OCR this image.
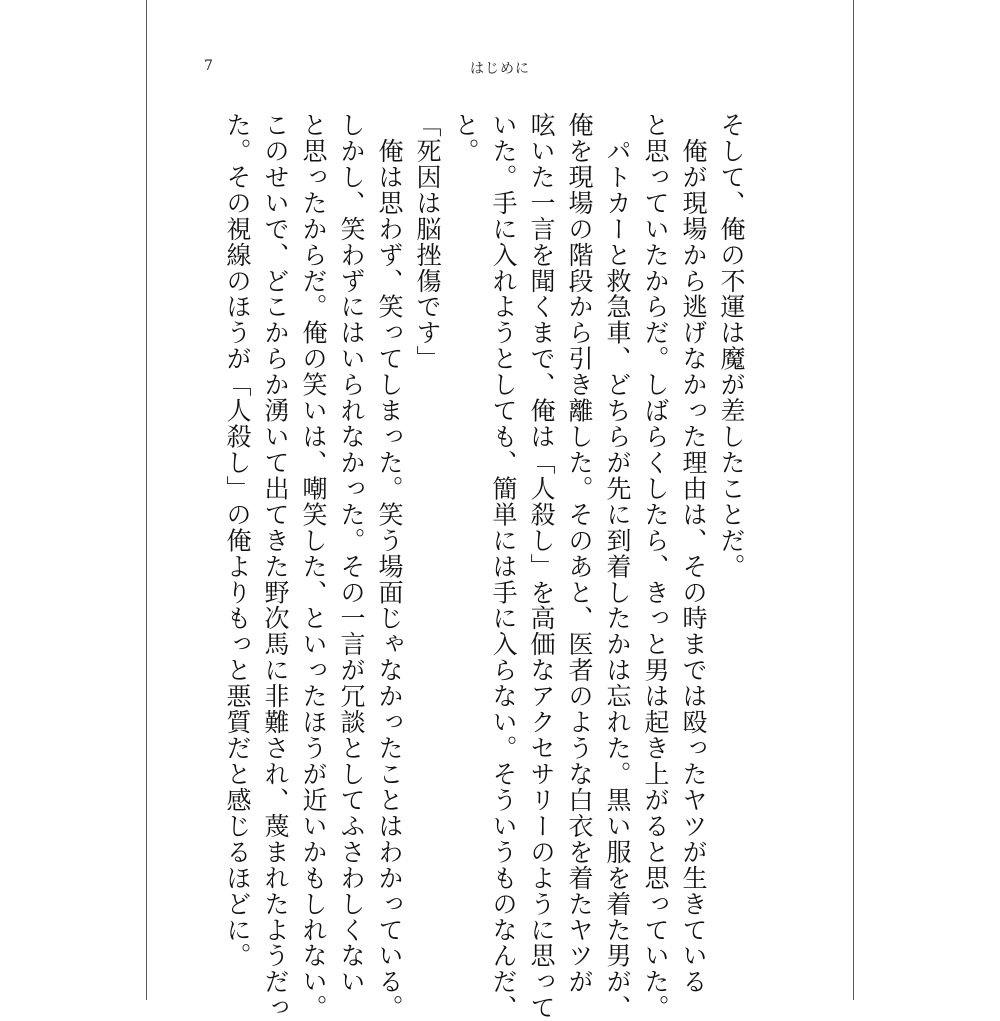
7	はじめに
そして、俺の不運は魔が差したことだ。
　俺が現場から逃げなかった理由は、その時までは殴ったヤツが生きている
と思っていたからだ。しばらくしたら、きっと男は起き上がると思っていた。
　パトカーと救急車、どちらが先に到着したかは忘れた。黒い服を着た男が、
俺を現場の階段から引き離した。そのあと、医者のような白衣を着たヤツが
呟いた一言を聞くまで、俺は「人殺し」を高価なアクセサリーのように思って
いた。手に入れようとしても、簡単には手に入らない。そういうものなんだ、
と。
「死因は脳挫傷です」
　俺は思わず、笑ってしまった。笑う場面じゃなかったことはわかっている。
しかし、笑わずにはいられなかった。その一言が冗談としてふさわしくない
と思ったからだ。俺の笑いは、嘲笑した、といったほうが近いかもしれない。
このせいで、どこからか湧いて出てきた野次馬に非難され、蔑まれたようだっ
た。その視線のほうが「人殺し」の俺よりもっと悪質だと感じるほどに。
